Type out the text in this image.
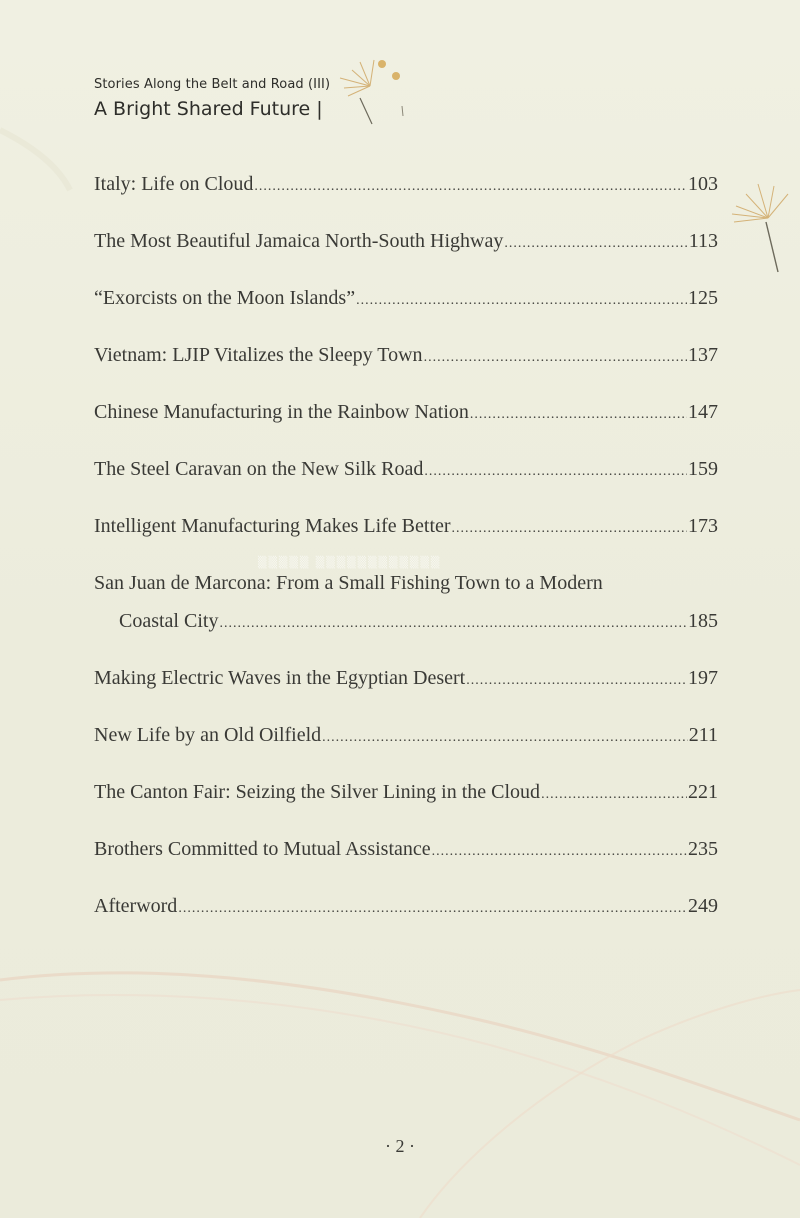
Stories Along the Belt and Road (III)
A Bright Shared Future |
▒▒▒▒▒ ▒▒▒▒▒▒▒▒▒▒▒▒
Italy: Life on Cloud .....	103
The Most Beautiful Jamaica North-South Highway .....	113
“Exorcists on the Moon Islands” .....	125
Vietnam: LJIP Vitalizes the Sleepy Town .....	137
Chinese Manufacturing in the Rainbow Nation .....	147
The Steel Caravan on the New Silk Road .....	159
Intelligent Manufacturing Makes Life Better .....	173
San Juan de Marcona: From a Small Fishing Town to a Modern
Coastal City .....	185
Making Electric Waves in the Egyptian Desert .....	197
New Life by an Old Oilfield .....	211
The Canton Fair: Seizing the Silver Lining in the Cloud .....	221
Brothers Committed to Mutual Assistance .....	235
Afterword .....	249
· 2 ·
